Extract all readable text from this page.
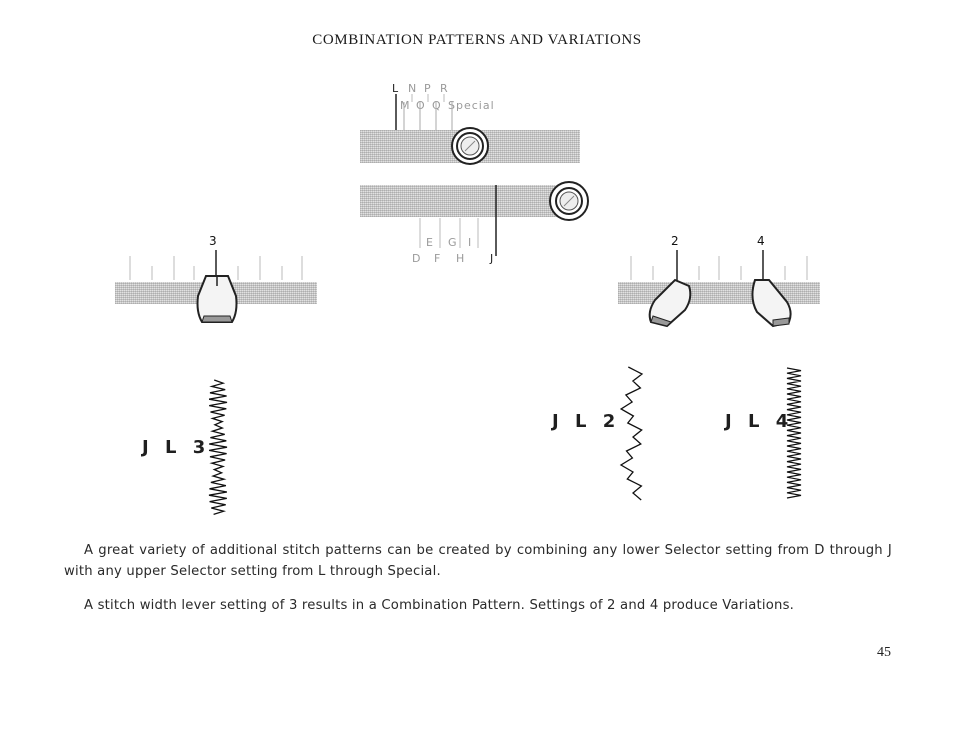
COMBINATION PATTERNS AND VARIATIONS
L N P R
M O Q Special
E G I
D F H J
3	2	4
J L 3
J L 2	J L 4
A great variety of additional stitch patterns can be created by combining any lower Selector setting from D through J with any upper Selector setting from L through Special.
A stitch width lever setting of 3 results in a Combination Pattern. Settings of 2 and 4 produce Variations.
45
